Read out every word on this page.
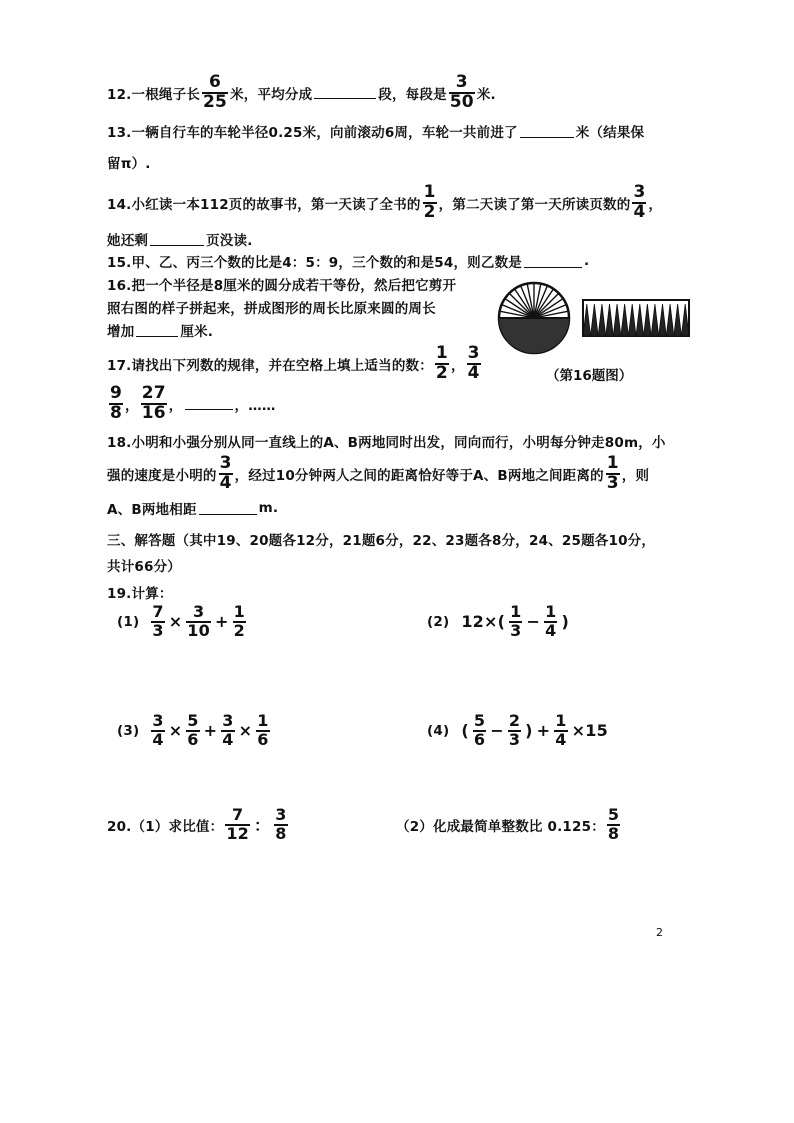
12.一根绳子长 $\frac{6}{25}$ 米，平均分成	段，每段是 $\frac{3}{50}$ 米.
13.一辆自行车的车轮半径0.25米，向前滚动6周，车轮一共前进了	米（结果保
留π）.
14.小红读一本112页的故事书，第一天读了全书的 $\frac{1}{2}$ ，第二天读了第一天所读页数的 $\frac{3}{4}$ ，
她还剩	页没读.
15.甲、乙、丙三个数的比是4：5：9，三个数的和是54，则乙数是	.
16.把一个半径是8厘米的圆分成若干等份，然后把它剪开
照右图的样子拼起来，拼成图形的周长比原来圆的周长
增加	厘米.
17.请找出下列数的规律，并在空格上填上适当的数： $\frac{1}{2}$ ， $\frac{3}{4}$	（第16题图）
$\frac{9}{8}$ ， $\frac{27}{16}$ ，	，……
18.小明和小强分别从同一直线上的A、B两地同时出发，同向而行，小明每分钟走80m，小
强的速度是小明的 $\frac{3}{4}$ ，经过10分钟两人之间的距离恰好等于A、B两地之间距离的 $\frac{1}{3}$ ，则
A、B两地相距	m.
三、解答题（其中19、20题各12分，21题6分，22、23题各8分，24、25题各10分，
共计66分）
19.计算：
$(1) \frac{7}{3} \times \frac{3}{10} + \frac{1}{2}$	(2) $12\times( \frac{1}{3} - \frac{1}{4}$ )
$(3) \frac{3}{4} \times \frac{5}{6} + \frac{3}{4} \times \frac{1}{6}$	(4) ( $\frac{5}{6} - \frac{2}{3}$ ) + $\frac{1}{4} \times 15$
20.（1）求比值： $\frac{7}{12}$ ： $\frac{3}{8}$	（2）化成最简单整数比 0.125： $\frac{5}{8}$
2
